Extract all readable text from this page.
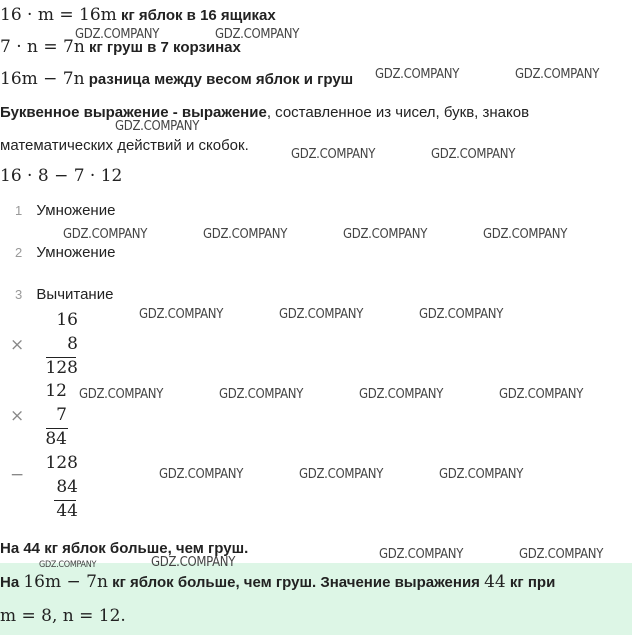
16 · m = 16m кг яблок в 16 ящиках
7 · n = 7n кг груш в 7 корзинах
16m − 7n разница между весом яблок и груш
Буквенное выражение - выражение, составленное из чисел, букв, знаков
математических действий и скобок.
16 · 8 − 7 · 12
1 Умножение
2 Умножение
3 Вычитание
×
16
8
128
×
12
7
84
−
128
84
44
На 44 кг яблок больше, чем груш.
На 16m − 7n кг яблок больше, чем груш. Значение выражения 44 кг при
m = 8, n = 12.
GDZ.COMPANY	GDZ.COMPANY
GDZ.COMPANY	GDZ.COMPANY
GDZ.COMPANY
GDZ.COMPANY	GDZ.COMPANY
GDZ.COMPANY	GDZ.COMPANY	GDZ.COMPANY	GDZ.COMPANY
GDZ.COMPANY	GDZ.COMPANY	GDZ.COMPANY
GDZ.COMPANY	GDZ.COMPANY	GDZ.COMPANY	GDZ.COMPANY
GDZ.COMPANY	GDZ.COMPANY	GDZ.COMPANY
GDZ.COMPANY	GDZ.COMPANY
GDZ.COMPANY	GDZ.COMPANY
